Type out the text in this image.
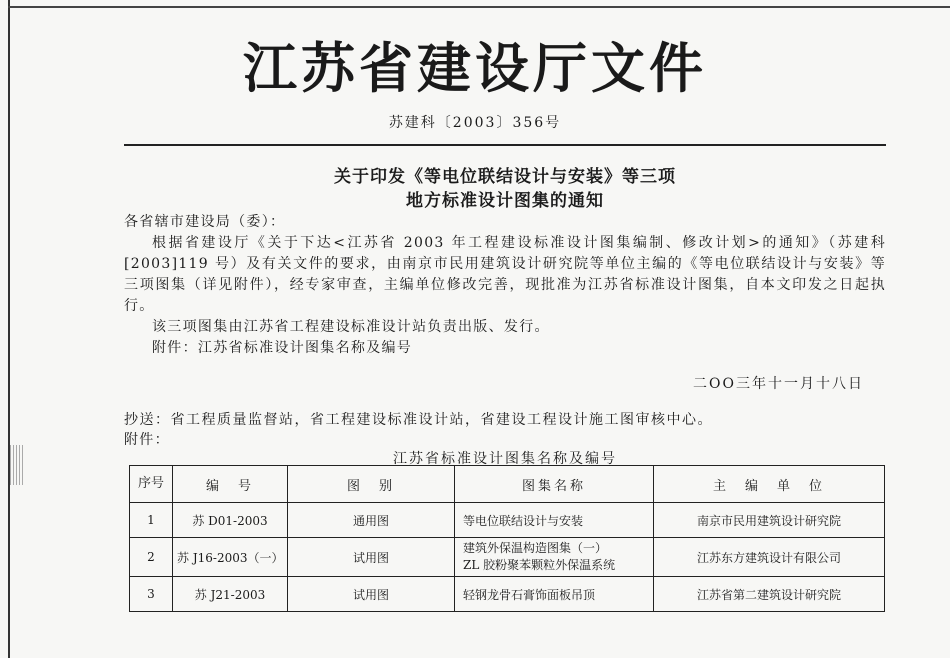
江苏省建设厅文件
苏建科〔2003〕356号
关于印发《等电位联结设计与安装》等三项
地方标准设计图集的通知
各省辖市建设局（委）：
根据省建设厅《关于下达<江苏省 2003 年工程建设标准设计图集编制、修改计划>的通知》（苏建科[2003]119 号）及有关文件的要求，由南京市民用建筑设计研究院等单位主编的《等电位联结设计与安装》等三项图集（详见附件），经专家审查，主编单位修改完善，现批准为江苏省标准设计图集，自本文印发之日起执行。
该三项图集由江苏省工程建设标准设计站负责出版、发行。
附件：江苏省标准设计图集名称及编号
二OO三年十一月十八日
抄送：省工程质量监督站，省工程建设标准设计站，省建设工程设计施工图审核中心。
附件：
江苏省标准设计图集名称及编号
序号	编　号	图　别	图集名称	主　编　单　位
1	苏 D01-2003	通用图	等电位联结设计与安装	南京市民用建筑设计研究院
2	苏 J16-2003（一）	试用图	建筑外保温构造图集（一）
ZL 胶粉聚苯颗粒外保温系统	江苏东方建筑设计有限公司
3	苏 J21-2003	试用图	轻钢龙骨石膏饰面板吊顶	江苏省第二建筑设计研究院
